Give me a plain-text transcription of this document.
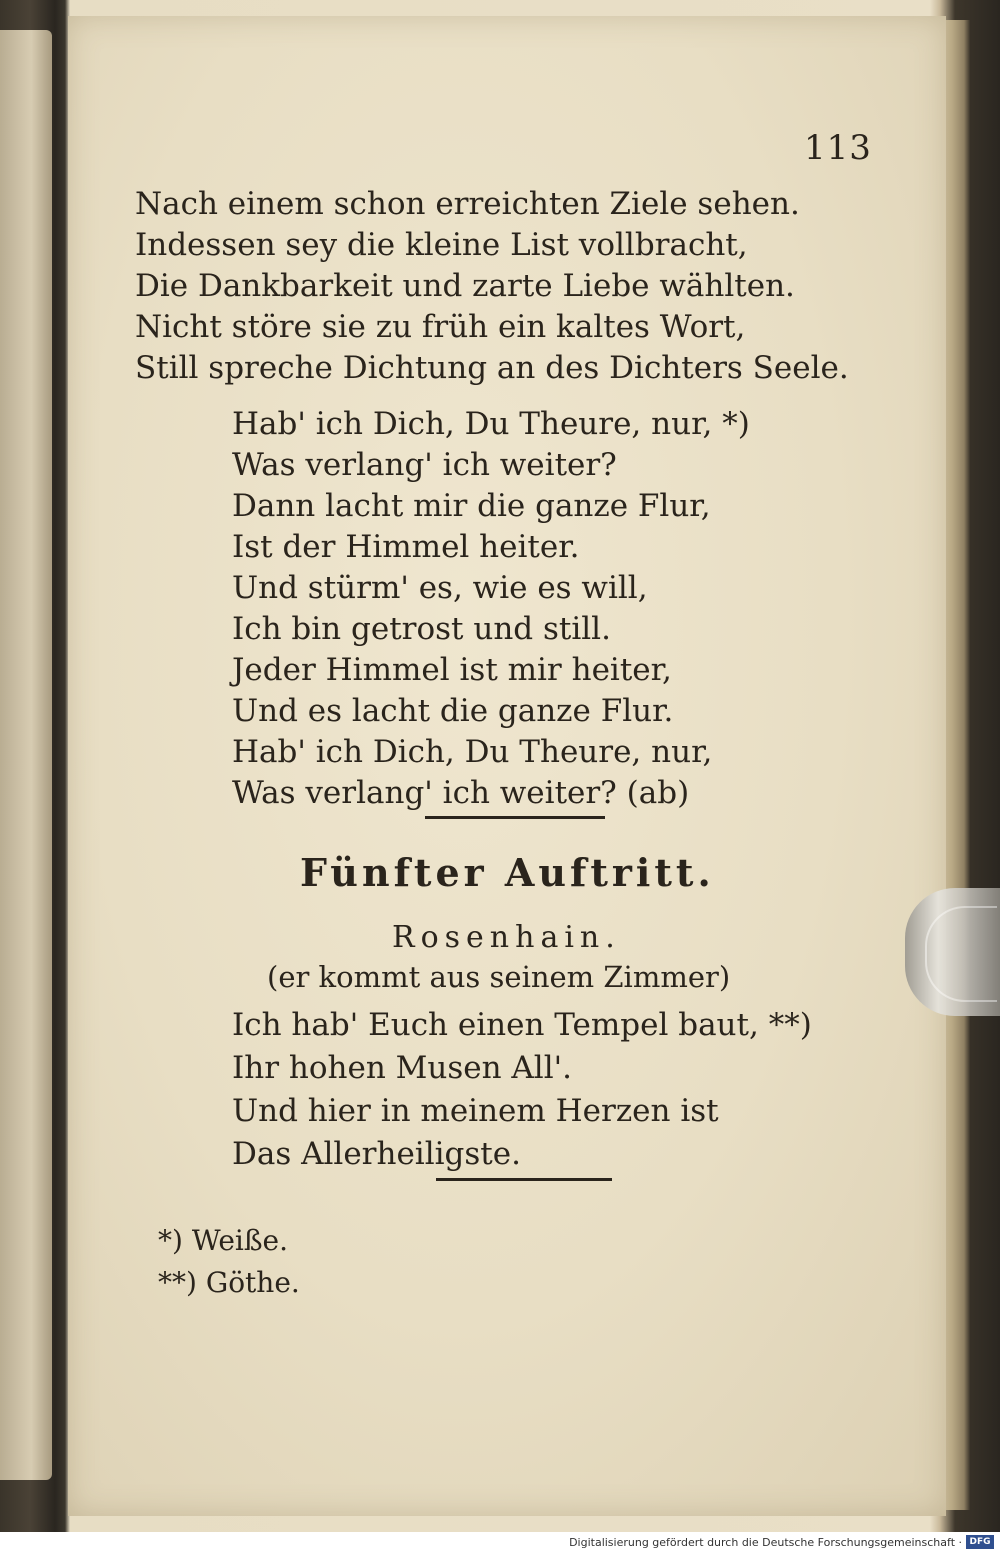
113
Nach einem schon erreichten Ziele sehen.
Indessen sey die kleine List vollbracht,
Die Dankbarkeit und zarte Liebe wählten.
Nicht störe sie zu früh ein kaltes Wort,
Still spreche Dichtung an des Dichters Seele.
Hab' ich Dich, Du Theure, nur, *)
Was verlang' ich weiter?
Dann lacht mir die ganze Flur,
Ist der Himmel heiter.
Und stürm' es, wie es will,
Ich bin getrost und still.
Jeder Himmel ist mir heiter,
Und es lacht die ganze Flur.
Hab' ich Dich, Du Theure, nur,
Was verlang' ich weiter? (ab)
Fünfter Auftritt.
Rosenhain.
(er kommt aus seinem Zimmer)
Ich hab' Euch einen Tempel baut, **)
Ihr hohen Musen All'.
Und hier in meinem Herzen ist
Das Allerheiligste.
*) Weiße.
**) Göthe.
Digitalisierung gefördert durch die Deutsche Forschungsgemeinschaft · DFG
